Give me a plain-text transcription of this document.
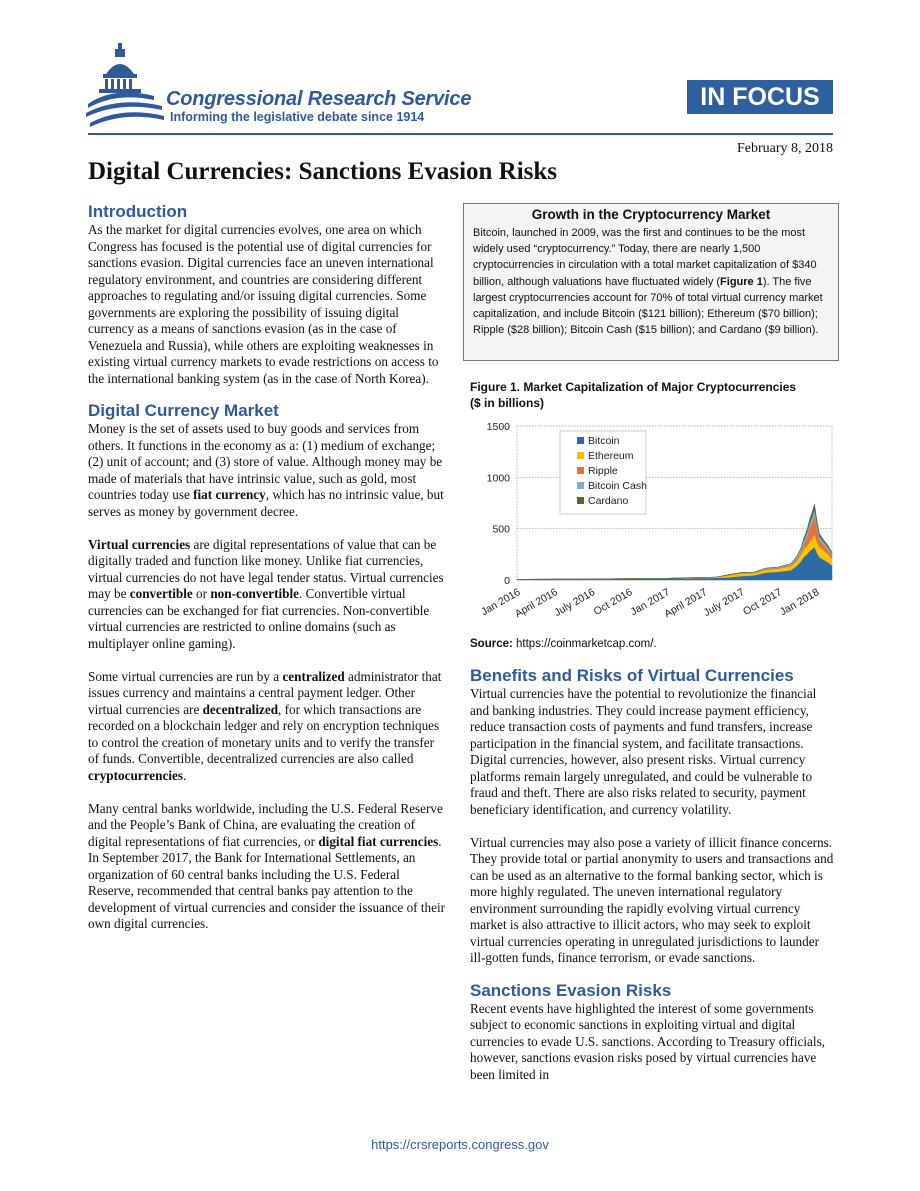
Congressional Research Service
Informing the legislative debate since 1914
IN FOCUS
February 8, 2018
Digital Currencies: Sanctions Evasion Risks
Introduction

As the market for digital currencies evolves, one area on which Congress has focused is the potential use of digital currencies for sanctions evasion. Digital currencies face an uneven international regulatory environment, and countries are considering different approaches to regulating and/or issuing digital currencies. Some governments are exploring the possibility of issuing digital currency as a means of sanctions evasion (as in the case of Venezuela and Russia), while others are exploiting weaknesses in existing virtual currency markets to evade restrictions on access to the international banking system (as in the case of North Korea).

Digital Currency Market

Money is the set of assets used to buy goods and services from others. It functions in the economy as a: (1) medium of exchange; (2) unit of account; and (3) store of value. Although money may be made of materials that have intrinsic value, such as gold, most countries today use fiat currency, which has no intrinsic value, but serves as money by government decree.

Virtual currencies are digital representations of value that can be digitally traded and function like money. Unlike fiat currencies, virtual currencies do not have legal tender status. Virtual currencies may be convertible or non-convertible. Convertible virtual currencies can be exchanged for fiat currencies. Non-convertible virtual currencies are restricted to online domains (such as multiplayer online gaming).

Some virtual currencies are run by a centralized administrator that issues currency and maintains a central payment ledger. Other virtual currencies are decentralized, for which transactions are recorded on a blockchain ledger and rely on encryption techniques to control the creation of monetary units and to verify the transfer of funds. Convertible, decentralized currencies are also called cryptocurrencies.

Many central banks worldwide, including the U.S. Federal Reserve and the People’s Bank of China, are evaluating the creation of digital representations of fiat currencies, or digital fiat currencies. In September 2017, the Bank for International Settlements, an organization of 60 central banks including the U.S. Federal Reserve, recommended that central banks pay attention to the development of virtual currencies and consider the issuance of their own digital currencies.

Growth in the Cryptocurrency Market

Bitcoin, launched in 2009, was the first and continues to be the most widely used “cryptocurrency.” Today, there are nearly 1,500 cryptocurrencies in circulation with a total market capitalization of $340 billion, although valuations have fluctuated widely (Figure 1). The five largest cryptocurrencies account for 70% of total virtual currency market capitalization, and include Bitcoin ($121 billion); Ethereum ($70 billion); Ripple ($28 billion); Bitcoin Cash ($15 billion); and Cardano ($9 billion).

Figure 1. Market Capitalization of Major Cryptocurrencies ($ in billions)
0
500
1000
1500
Jan 2016
April 2016
July 2016
Oct 2016
Jan 2017
April 2017
July 2017
Oct 2017
Jan 2018
Bitcoin
Ethereum
Ripple
Bitcoin Cash
Cardano
Source: https://coinmarketcap.com/.
Benefits and Risks of Virtual Currencies

Virtual currencies have the potential to revolutionize the financial and banking industries. They could increase payment efficiency, reduce transaction costs of payments and fund transfers, increase participation in the financial system, and facilitate transactions. Digital currencies, however, also present risks. Virtual currency platforms remain largely unregulated, and could be vulnerable to fraud and theft. There are also risks related to security, payment beneficiary identification, and currency volatility.

Virtual currencies may also pose a variety of illicit finance concerns. They provide total or partial anonymity to users and transactions and can be used as an alternative to the formal banking sector, which is more highly regulated. The uneven international regulatory environment surrounding the rapidly evolving virtual currency market is also attractive to illicit actors, who may seek to exploit virtual currencies operating in unregulated jurisdictions to launder ill-gotten funds, finance terrorism, or evade sanctions.

Sanctions Evasion Risks

Recent events have highlighted the interest of some governments subject to economic sanctions in exploiting virtual and digital currencies to evade U.S. sanctions. According to Treasury officials, however, sanctions evasion risks posed by virtual currencies have been limited in

https://crsreports.congress.gov
